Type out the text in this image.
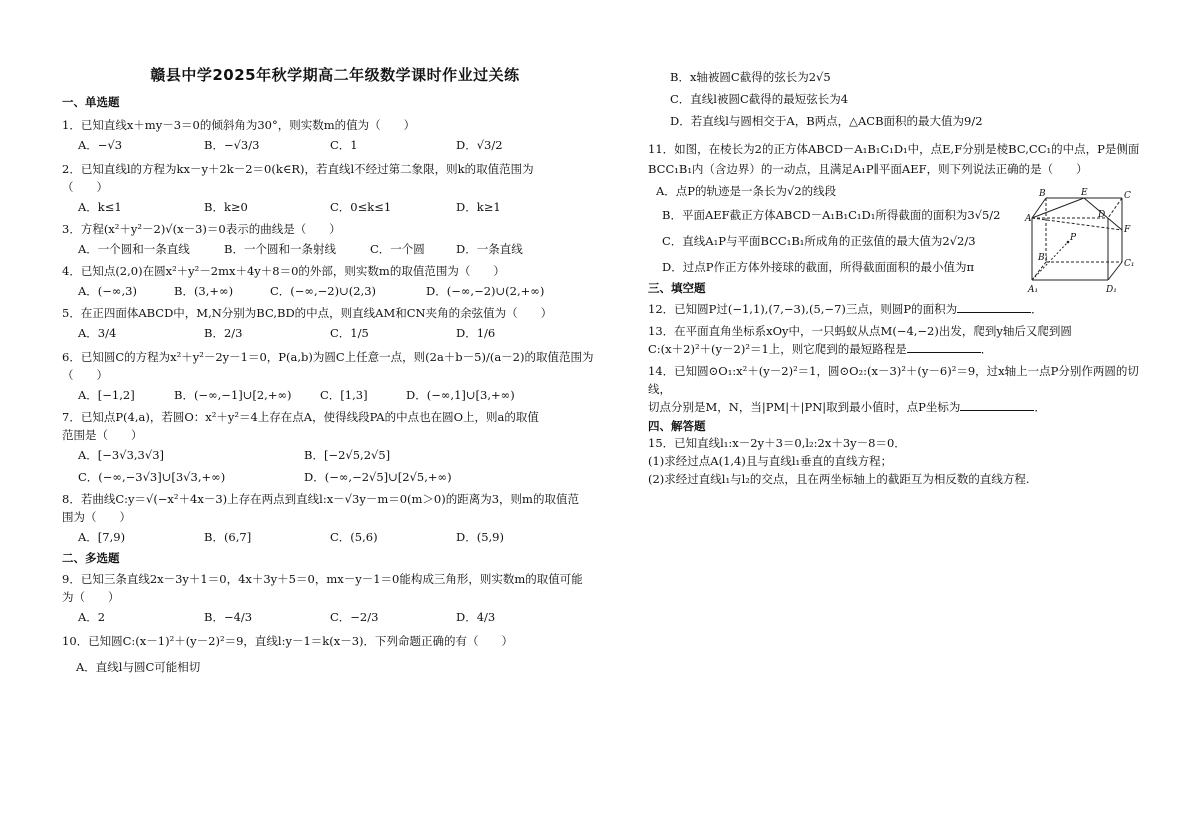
赣县中学2025年秋学期高二年级数学课时作业过关练

一、单选题

1．已知直线x＋my－3＝0的倾斜角为30°，则实数m的值为（　　）

A．−√3	B．−√3/3	C．1	D．√3/2

2．已知直线l的方程为kx－y＋2k－2＝0(k∈R)，若直线l不经过第二象限，则k的取值范围为

（　　）

A．k≤1	B．k≥0	C．0≤k≤1	D．k≥1

3．方程(x²＋y²－2)√(x－3)＝0表示的曲线是（　　）

A．一个圆和一条直线	B．一个圆和一条射线	C．一个圆	D．一条直线

4．已知点(2,0)在圆x²＋y²－2mx＋4y＋8＝0的外部，则实数m的取值范围为（　　）

A．(−∞,3)	B．(3,+∞)	C．(−∞,−2)∪(2,3)	D．(−∞,−2)∪(2,+∞)

5．在正四面体ABCD中，M,N分别为BC,BD的中点，则直线AM和CN夹角的余弦值为（　　）

A．3/4	B．2/3	C．1/5	D．1/6

6．已知圆C的方程为x²＋y²－2y－1＝0，P(a,b)为圆C上任意一点，则(2a＋b－5)/(a－2)的取值范围为

（　　）

A．[−1,2]	B．(−∞,−1]∪[2,+∞)	C．[1,3]	D．(−∞,1]∪[3,+∞)

7．已知点P(4,a)，若圆O：x²＋y²＝4上存在点A，使得线段PA的中点也在圆O上，则a的取值

范围是（　　）

A．[−3√3,3√3]	B．[−2√5,2√5]
C．(−∞,−3√3]∪[3√3,+∞)	D．(−∞,−2√5]∪[2√5,+∞)

8．若曲线C:y＝√(−x²＋4x－3)上存在两点到直线l:x－√3y－m＝0(m＞0)的距离为3，则m的取值范

围为（　　）

A．[7,9)	B．(6,7]	C．(5,6)	D．(5,9)

二、多选题

9．已知三条直线2x－3y＋1＝0，4x＋3y＋5＝0，mx－y－1＝0能构成三角形，则实数m的取值可能

为（　　）

A．2	B．−4/3	C．−2/3	D．4/3

10．已知圆C:(x－1)²＋(y－2)²＝9，直线l:y－1＝k(x－3)．下列命题正确的有（　　）

A．直线l与圆C可能相切

B．x轴被圆C截得的弦长为2√5

C．直线l被圆C截得的最短弦长为4

D．若直线l与圆相交于A，B两点，△ACB面积的最大值为9/2

11．如图，在棱长为2的正方体ABCD－A₁B₁C₁D₁中，点E,F分别是棱BC,CC₁的中点，P是侧面

BCC₁B₁内（含边界）的一动点，且满足A₁P∥平面AEF，则下列说法正确的是（　　）

A．点P的轨迹是一条长为√2的线段

B．平面AEF截正方体ABCD－A₁B₁C₁D₁所得截面的面积为3√5/2

C．直线A₁P与平面BCC₁B₁所成角的正弦值的最大值为2√2/3

D．过点P作正方体外接球的截面，所得截面面积的最小值为π

三、填空题

12．已知圆P过(−1,1),(7,−3),(5,−7)三点，则圆P的面积为	．

13．在平面直角坐标系xOy中，一只蚂蚁从点M(−4,−2)出发，爬到y轴后又爬到圆

C:(x＋2)²＋(y－2)²＝1上，则它爬到的最短路程是	．

14．已知圆⊙O₁:x²＋(y－2)²＝1，圆⊙O₂:(x－3)²＋(y－6)²＝9，过x轴上一点P分别作两圆的切线，

切点分别是M，N，当|PM|＋|PN|取到最小值时，点P坐标为	．

四、解答题

15．已知直线l₁:x－2y＋3＝0,l₂:2x＋3y－8＝0．

(1)求经过点A(1,4)且与直线l₁垂直的直线方程；

(2)求经过直线l₁与l₂的交点，且在两坐标轴上的截距互为相反数的直线方程.

B	E	C
A	D
F
P
B₁
C₁
A₁	D₁
